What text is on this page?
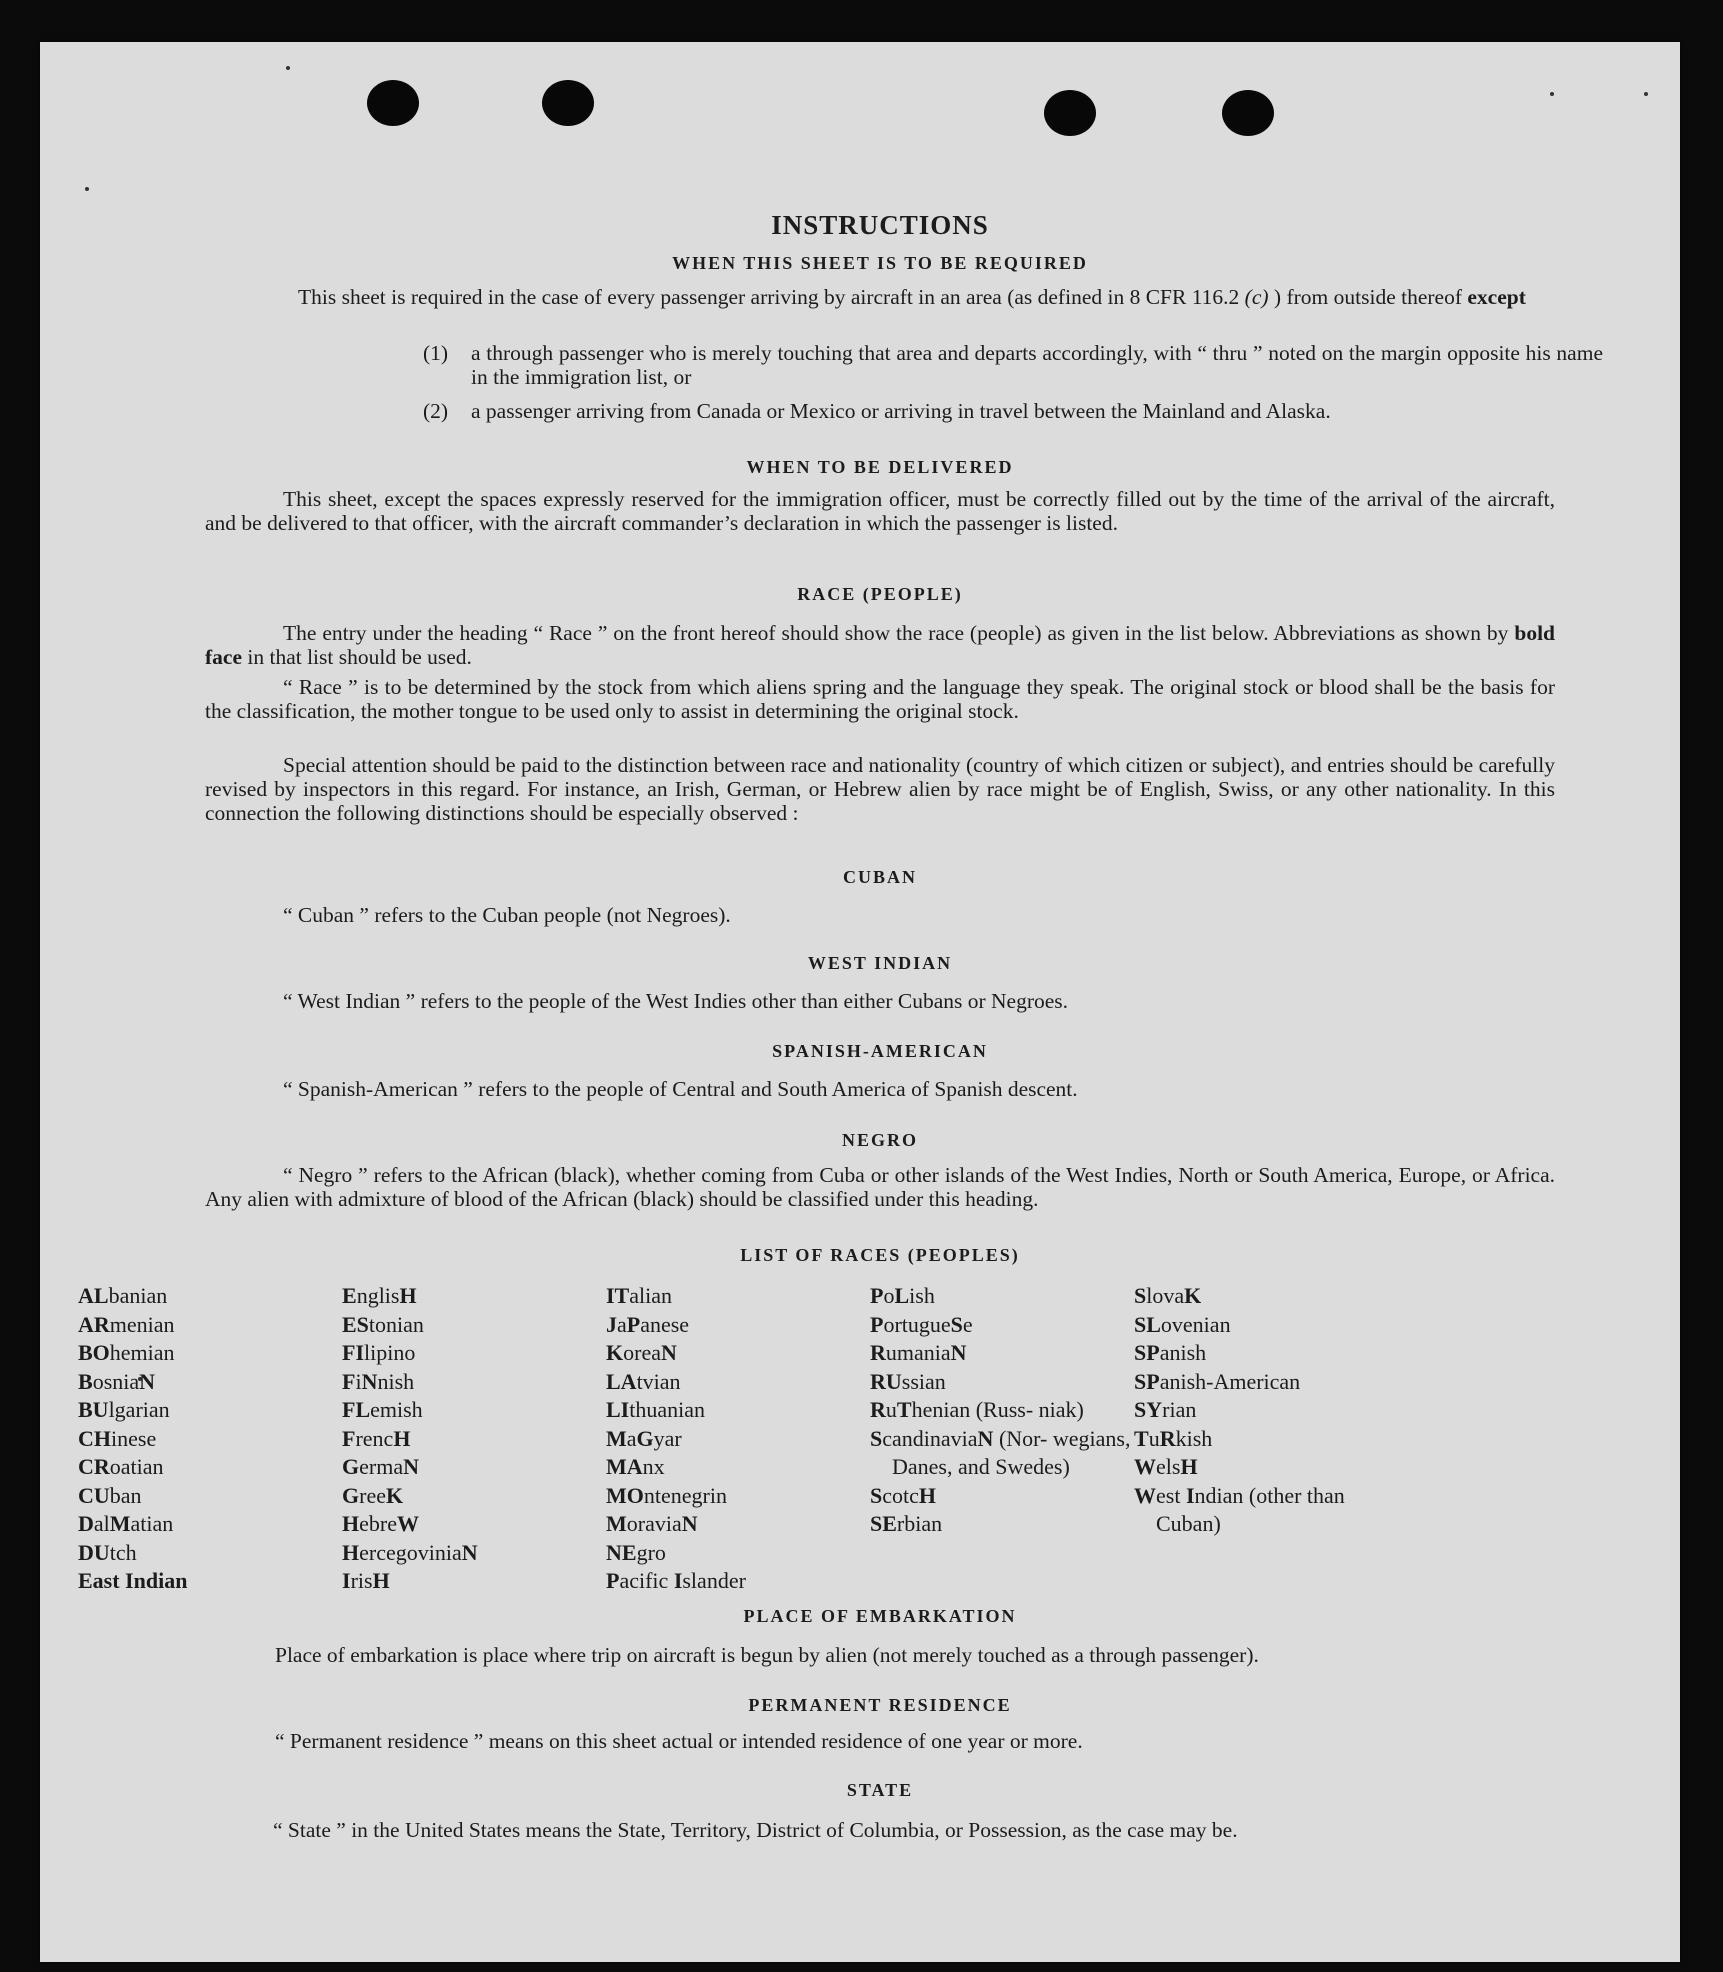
INSTRUCTIONS
WHEN THIS SHEET IS TO BE REQUIRED

This sheet is required in the case of every passenger arriving by aircraft in an area (as defined in 8 CFR 116.2 (c) ) from outside thereof except

(1) a through passenger who is merely touching that area and departs accordingly, with “ thru ” noted on the margin opposite his name in the immigration list, or

(2) a passenger arriving from Canada or Mexico or arriving in travel between the Mainland and Alaska.

WHEN TO BE DELIVERED

This sheet, except the spaces expressly reserved for the immigration officer, must be correctly filled out by the time of the arrival of the aircraft, and be delivered to that officer, with the aircraft commander’s declaration in which the passenger is listed.

RACE (PEOPLE)

The entry under the heading “ Race ” on the front hereof should show the race (people) as given in the list below. Abbreviations as shown by bold face in that list should be used.

“ Race ” is to be determined by the stock from which aliens spring and the language they speak. The original stock or blood shall be the basis for the classification, the mother tongue to be used only to assist in determining the original stock.

Special attention should be paid to the distinction between race and nationality (country of which citizen or subject), and entries should be carefully revised by inspectors in this regard. For instance, an Irish, German, or Hebrew alien by race might be of English, Swiss, or any other nationality. In this connection the following distinctions should be especially observed :

CUBAN

“ Cuban ” refers to the Cuban people (not Negroes).

WEST INDIAN

“ West Indian ” refers to the people of the West Indies other than either Cubans or Negroes.

SPANISH-AMERICAN

“ Spanish-American ” refers to the people of Central and South America of Spanish descent.

NEGRO

“ Negro ” refers to the African (black), whether coming from Cuba or other islands of the West Indies, North or South America, Europe, or Africa. Any alien with admixture of blood of the African (black) should be classified under this heading.

LIST OF RACES (PEOPLES)
PLACE OF EMBARKATION

Place of embarkation is place where trip on aircraft is begun by alien (not merely touched as a through passenger).

PERMANENT RESIDENCE

“ Permanent residence ” means on this sheet actual or intended residence of one year or more.

STATE

“ State ” in the United States means the State, Territory, District of Columbia, or Possession, as the case may be.

ALbanian
ARmenian
BOhemian
BosniaN
BUlgarian
CHinese
CRoatian
CUban
DalMatian
DUtch
East Indian
EnglisH
EStonian
FIlipino
FiNnish
FLemish
FrencH
GermaN
GreeK
HebreW
HercegoviniaN
IrisH
ITalian
JaPanese
KoreaN
LAtvian
LIthuanian
MaGyar
MAnx
MOntenegrin
MoraviaN
NEgro
Pacific Islander
PoLish
PortugueSe
RumaniaN
RUssian
RuThenian (Russ- niak)
ScandinaviaN (Nor- wegians, Danes, and Swedes)
ScotcH
SErbian
SlovaK
SLovenian
SPanish
SPanish-American
SYrian
TuRkish
WelsH
West Indian (other than Cuban)
